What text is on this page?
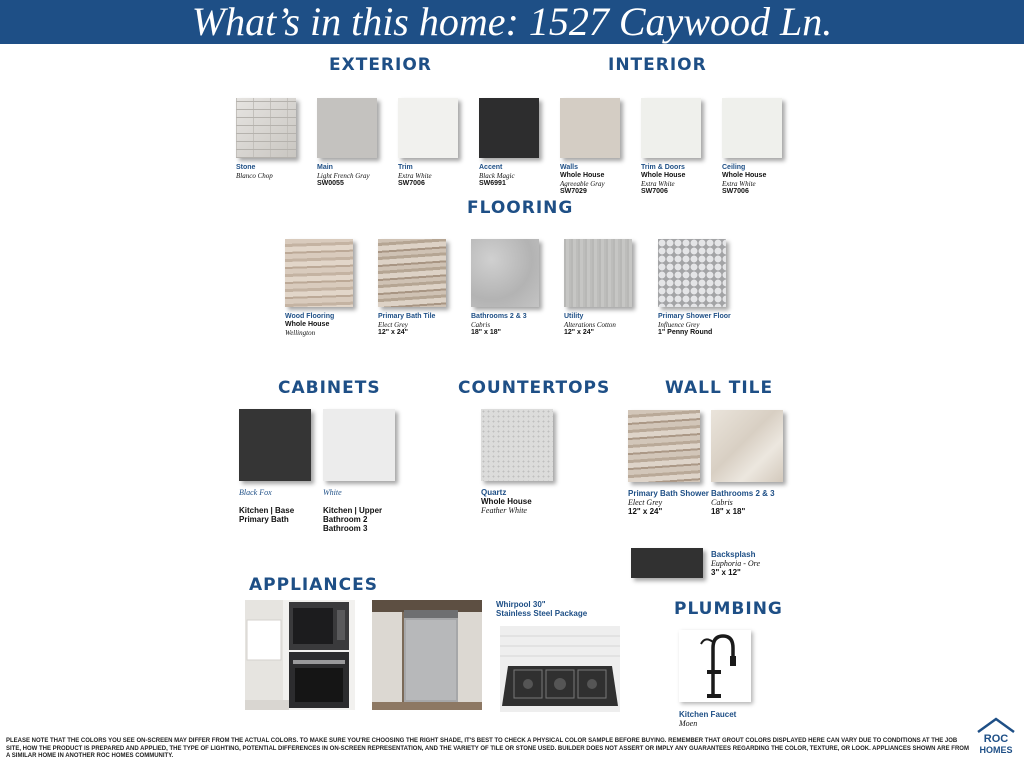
What’s in this home: 1527 Caywood Ln.
EXTERIOR	INTERIOR
FLOORING
CABINETS	COUNTERTOPS	WALL TILE
APPLIANCES
PLUMBING
Stone
Blanco Chop
Main
Light French Gray
SW0055
Trim
Extra White
SW7006
Accent
Black Magic
SW6991
Walls
Whole House
Agreeable Gray
SW7029
Trim & Doors
Whole House
Extra White
SW7006
Ceiling
Whole House
Extra White
SW7006
Wood Flooring
Whole House
Wellington
Primary Bath Tile
Elect Grey
12" x 24"
Bathrooms 2 & 3
Cabris
18" x 18"
Utility
Alterations Cotton
12" x 24"
Primary Shower Floor
Influence Grey
1" Penny Round
Black Fox
Kitchen | Base
Primary Bath
White
Kitchen | Upper
Bathroom 2
Bathroom 3
Quartz
Whole House
Feather White
Primary Bath Shower
Elect Grey
12" x 24"
Bathrooms 2 & 3
Cabris
18" x 18"
Backsplash
Euphoria - Ore
3" x 12"
Whirpool 30"
Stainless Steel Package
Kitchen Faucet
Moen
PLEASE NOTE THAT THE COLORS YOU SEE ON-SCREEN MAY DIFFER FROM THE ACTUAL COLORS. TO MAKE SURE YOU'RE CHOOSING THE RIGHT SHADE, IT'S BEST TO CHECK A PHYSICAL COLOR SAMPLE BEFORE BUYING. REMEMBER THAT GROUT COLORS DISPLAYED HERE CAN VARY DUE TO CONDITIONS AT THE JOB SITE, HOW THE PRODUCT IS PREPARED AND APPLIED, THE TYPE OF LIGHTING, POTENTIAL DIFFERENCES IN ON-SCREEN REPRESENTATION, AND THE VARIETY OF TILE OR STONE USED. BUILDER DOES NOT ASSERT OR IMPLY ANY GUARANTEES REGARDING THE COLOR, TEXTURE, OR LOOK. APPLIANCES SHOWN ARE FROM A SIMILAR HOME IN ANOTHER ROC HOMES COMMUNITY.
ROC
HOMES
